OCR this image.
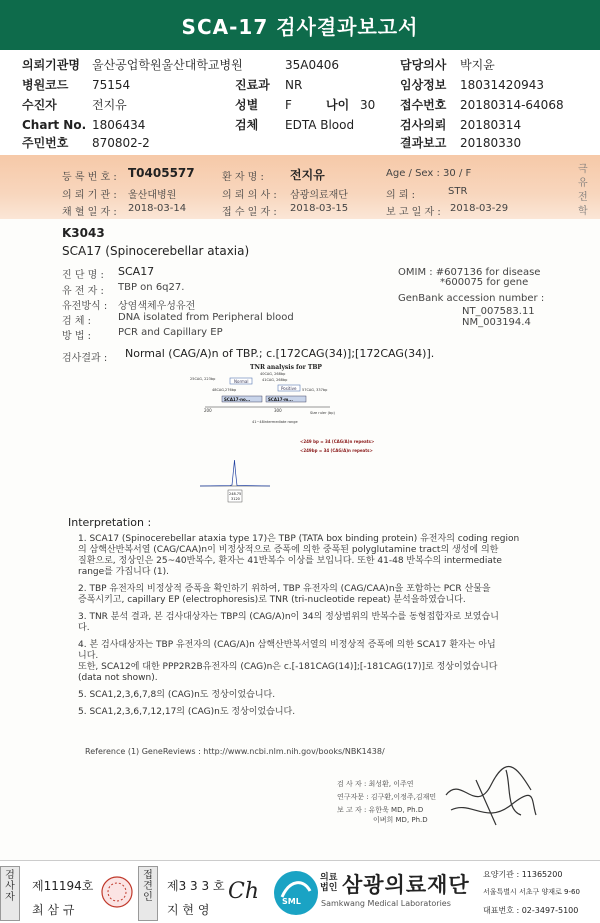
SCA-17 검사결과보고서
의뢰기관명 울산공업학원울산대학교병원	35A0406	담당의사 박지윤
병원코드 75154	진료과 NR	임상정보 18031420943
수진자	전지유	성별 F	나이 30 접수번호 20180314-64068
Chart No. 1806434	검체 EDTA Blood	검사의뢰 20180314
주민번호 870802-2	결과보고 20180330
등 록 번 호 : T0405577	환 자 명 : 전지유	Age / Sex : 30 / F
의 뢰 기 관 : 울산대병원	의 뢰 의 사 : 삼광의료재단	의 뢰 :	STR
채 혈 일 자 : 2018-03-14	접 수 일 자 : 2018-03-15	보 고 일 자 : 2018-03-29
극유전학
K3043
SCA17 (Spinocerebellar ataxia)
진 단 명 : SCA17
유 전 자 : TBP on 6q27.
유전방식 : 상염색체우성유전
검 체 :	DNA isolated from Peripheral blood
방 법 :	PCR and Capillary EP
OMIM : #607136 for disease
*600075 for gene
GenBank accession number :
NT_007583.11
NM_003194.4
검사결과 : Normal (CAG/A)n of TBP.; c.[172CAG(34)];[172CAG(34)].
TNR analysis for TBP
Normal
25CAG, 223bp
40CAG, 268bp
41CAG, 268bp
48CAG,276bp	Positive 57CAG, 337bp
SCA17-no...	SCA17-m...
200	300	Size ruler (bp)
41~48intermediate range
<249 bp = 34 (CAG/A)n repeats>
<249bp = 34 (CAG/A)n repeats>
248.75
3120
Interpretation :
1. SCA17 (Spinocerebellar ataxia type 17)은 TBP (TATA box binding protein) 유전자의 coding region
의 삼핵산반복서열 (CAG/CAA)n이 비정상적으로 증폭에 의한 중폭된 polyglutamine tract의 생성에 의한
질환으로, 정상인은 25~40반복수, 환자는 41반복수 이상를 보입니다. 또한 41-48 반복수의 intermediate
range를 가집니다 (1).
2. TBP 유전자의 비정상적 증폭을 확인하기 위하여, TBP 유전자의 (CAG/CAA)n을 포함하는 PCR 산물을
증폭시키고, capillary EP (electrophoresis)로 TNR (tri-nucleotide repeat) 분석을하였습니다.
3. TNR 분석 결과, 본 검사대상자는 TBP의 (CAG/A)n이 34의 정상범위의 반복수를 동형접합자로 보였습니
다.
4. 본 검사대상자는 TBP 유전자의 (CAG/A)n 삼핵산반복서열의 비정상적 증폭에 의한 SCA17 환자는 아닙
니다.
또한, SCA12에 대한 PPP2R2B유전자의 (CAG)n은 c.[-181CAG(14)];[-181CAG(17)]로 정상이었습니다
(data not shown).
5. SCA1,2,3,6,7,8의 (CAG)n도 정상이었습니다.
5. SCA1,2,3,6,7,12,17의 (CAG)n도 정상이었습니다.
Reference (1) GeneReviews : http://www.ncbi.nlm.nih.gov/books/NBK1438/
검 사 자 : 최성환, 이주연
연구자문 : 김구환,이정주,김재민
보 고 자 : 유한욱 MD, Ph.D
이벼희 MD, Ph.D
검사자
제11194호
최 삼 규
접견인
제3 3 3 호
지 현 영
Ch	SML
의료법인 삼광의료재단
Samkwang Medical Laboratories
요양기관 : 11365200
서울특별시 서초구 양재로 9-60
대표번호 : 02-3497-5100
